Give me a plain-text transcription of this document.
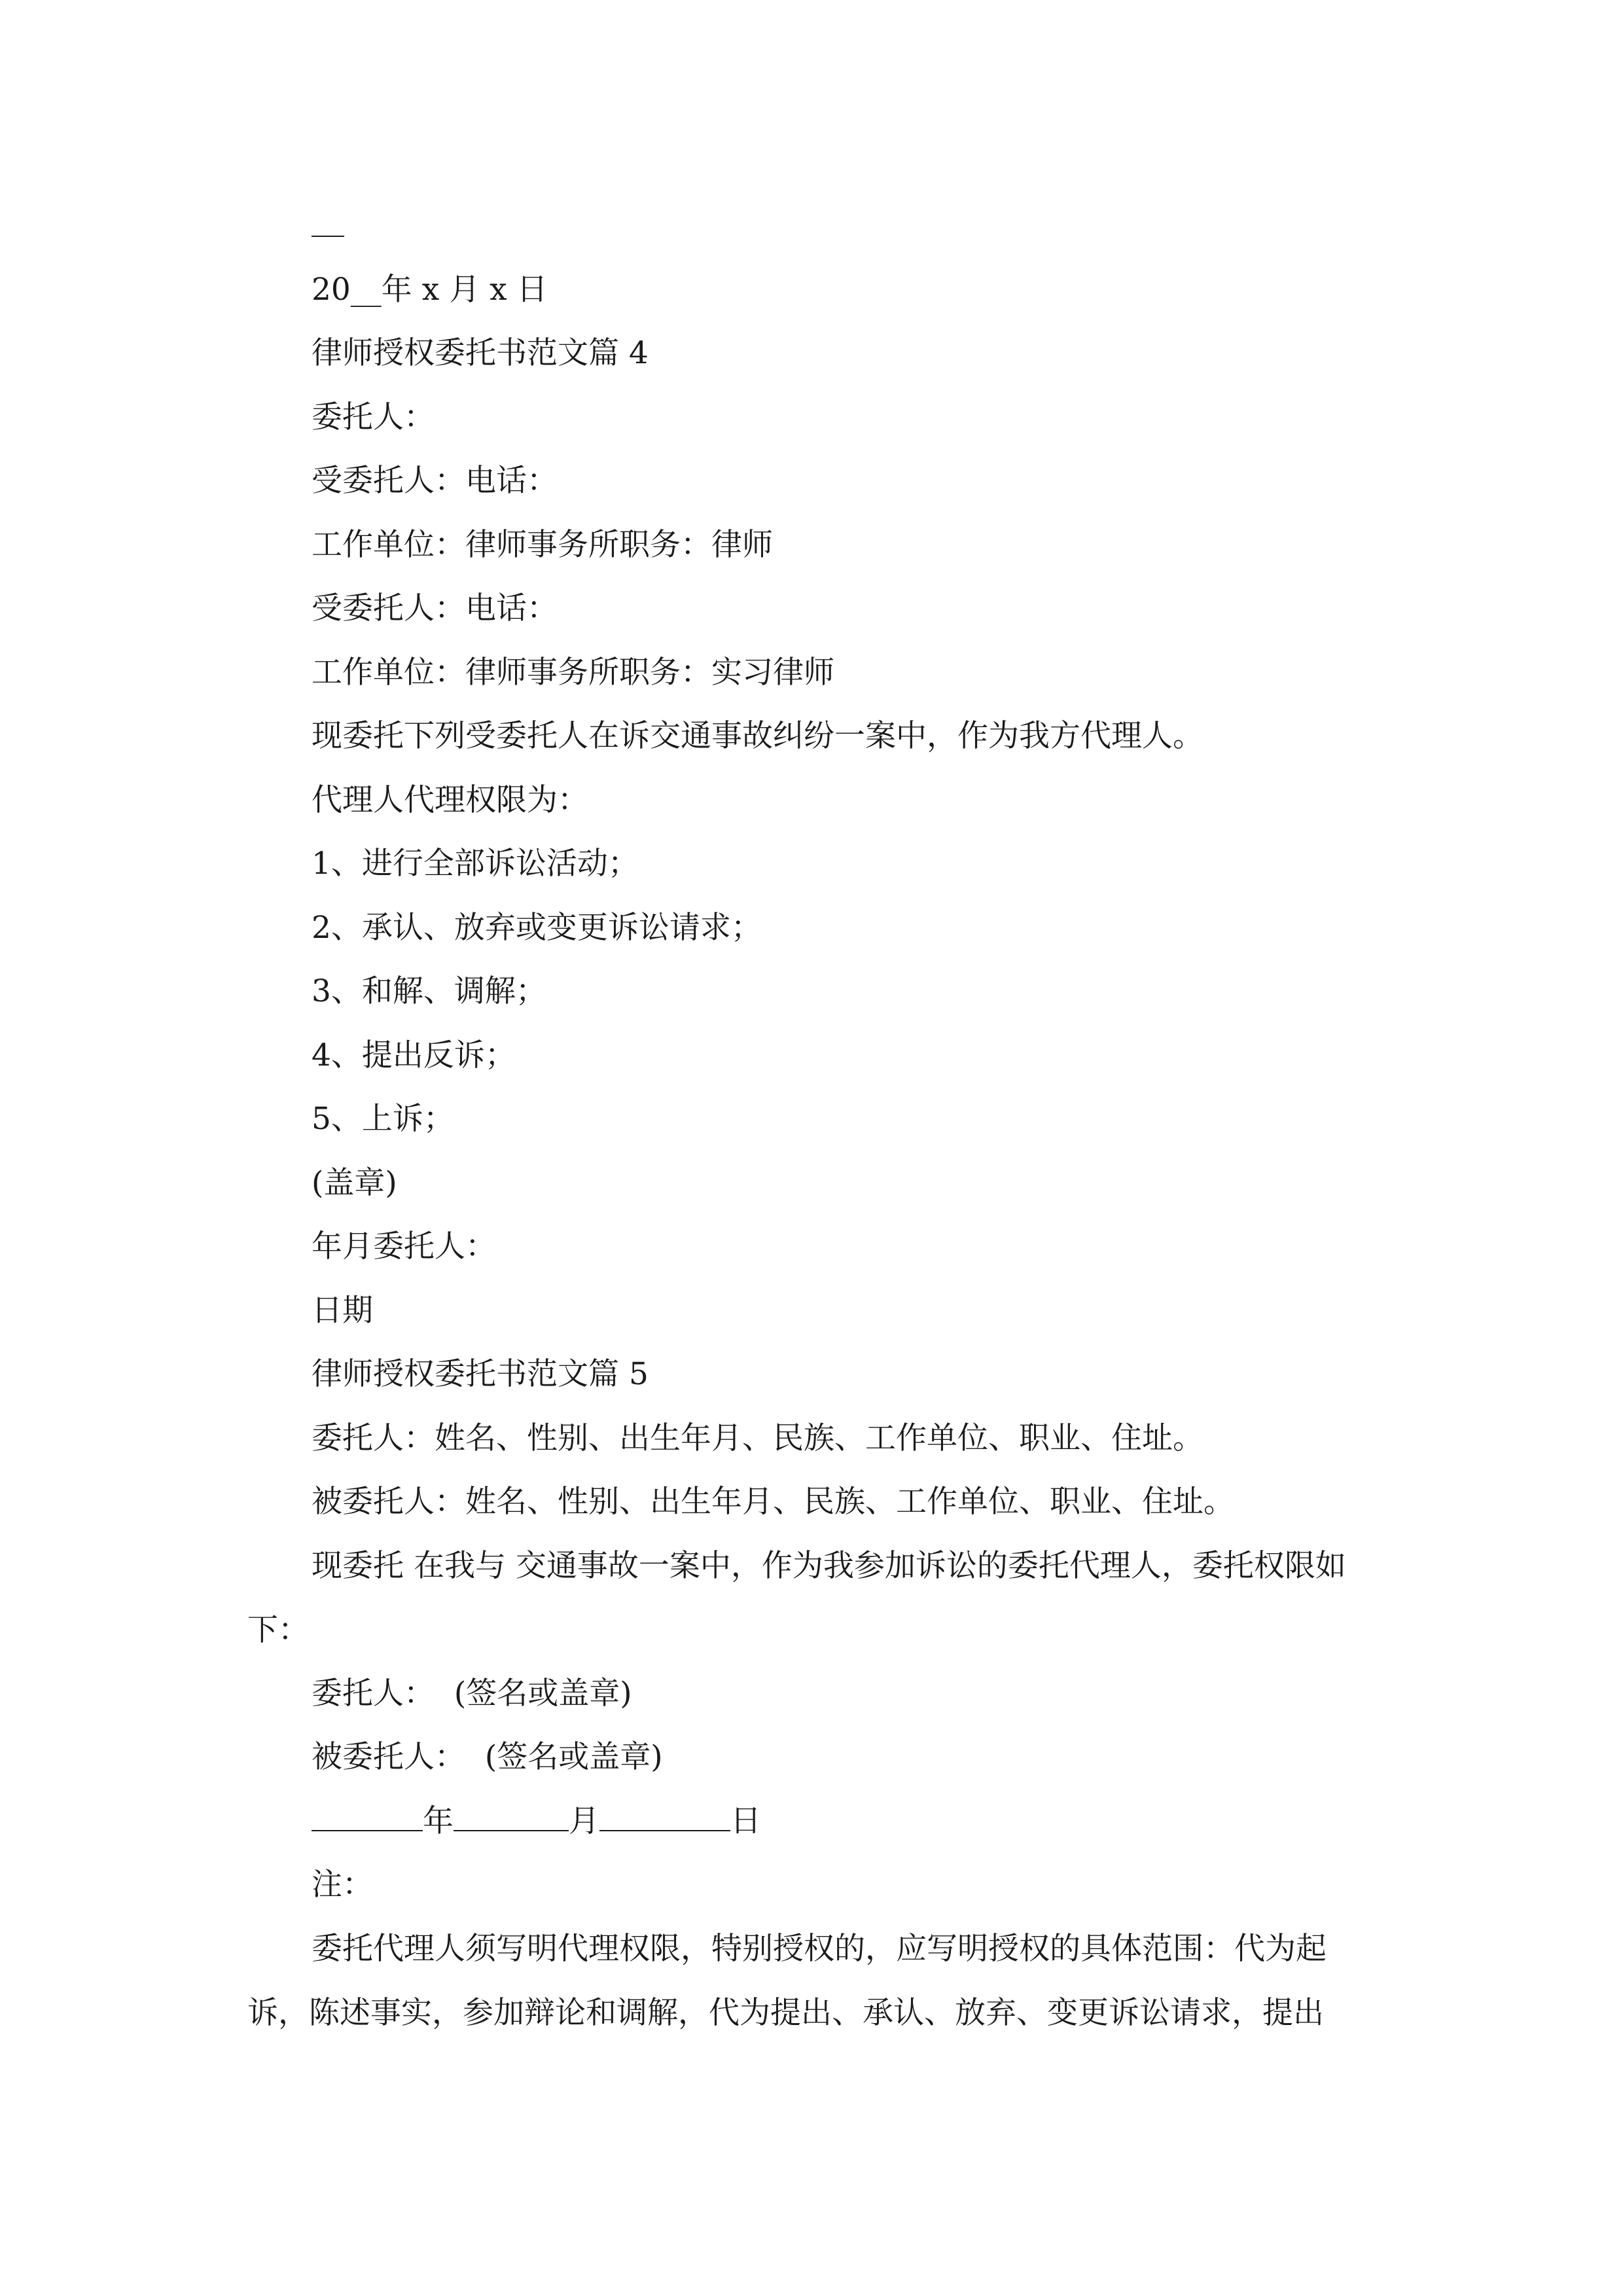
20__年 x 月 x 日
律师授权委托书范文篇 4
委托人：
受委托人：电话：
工作单位：律师事务所职务：律师
受委托人：电话：
工作单位：律师事务所职务：实习律师
现委托下列受委托人在诉交通事故纠纷一案中，作为我方代理人。
代理人代理权限为：
1、进行全部诉讼活动；
2、承认、放弃或变更诉讼请求；
3、和解、调解；
4、提出反诉；
5、上诉；
(盖章)
年月委托人：
日期
律师授权委托书范文篇 5
委托人：姓名、性别、出生年月、民族、工作单位、职业、住址。
被委托人：姓名、性别、出生年月、民族、工作单位、职业、住址。
现委托 在我与 交通事故一案中，作为我参加诉讼的委托代理人，委托权限如下：
委托人：  (签名或盖章)
被委托人：  (签名或盖章)
年	月	日
注：
委托代理人须写明代理权限，特别授权的，应写明授权的具体范围：代为起诉，陈述事实，参加辩论和调解，代为提出、承认、放弃、变更诉讼请求，提出
